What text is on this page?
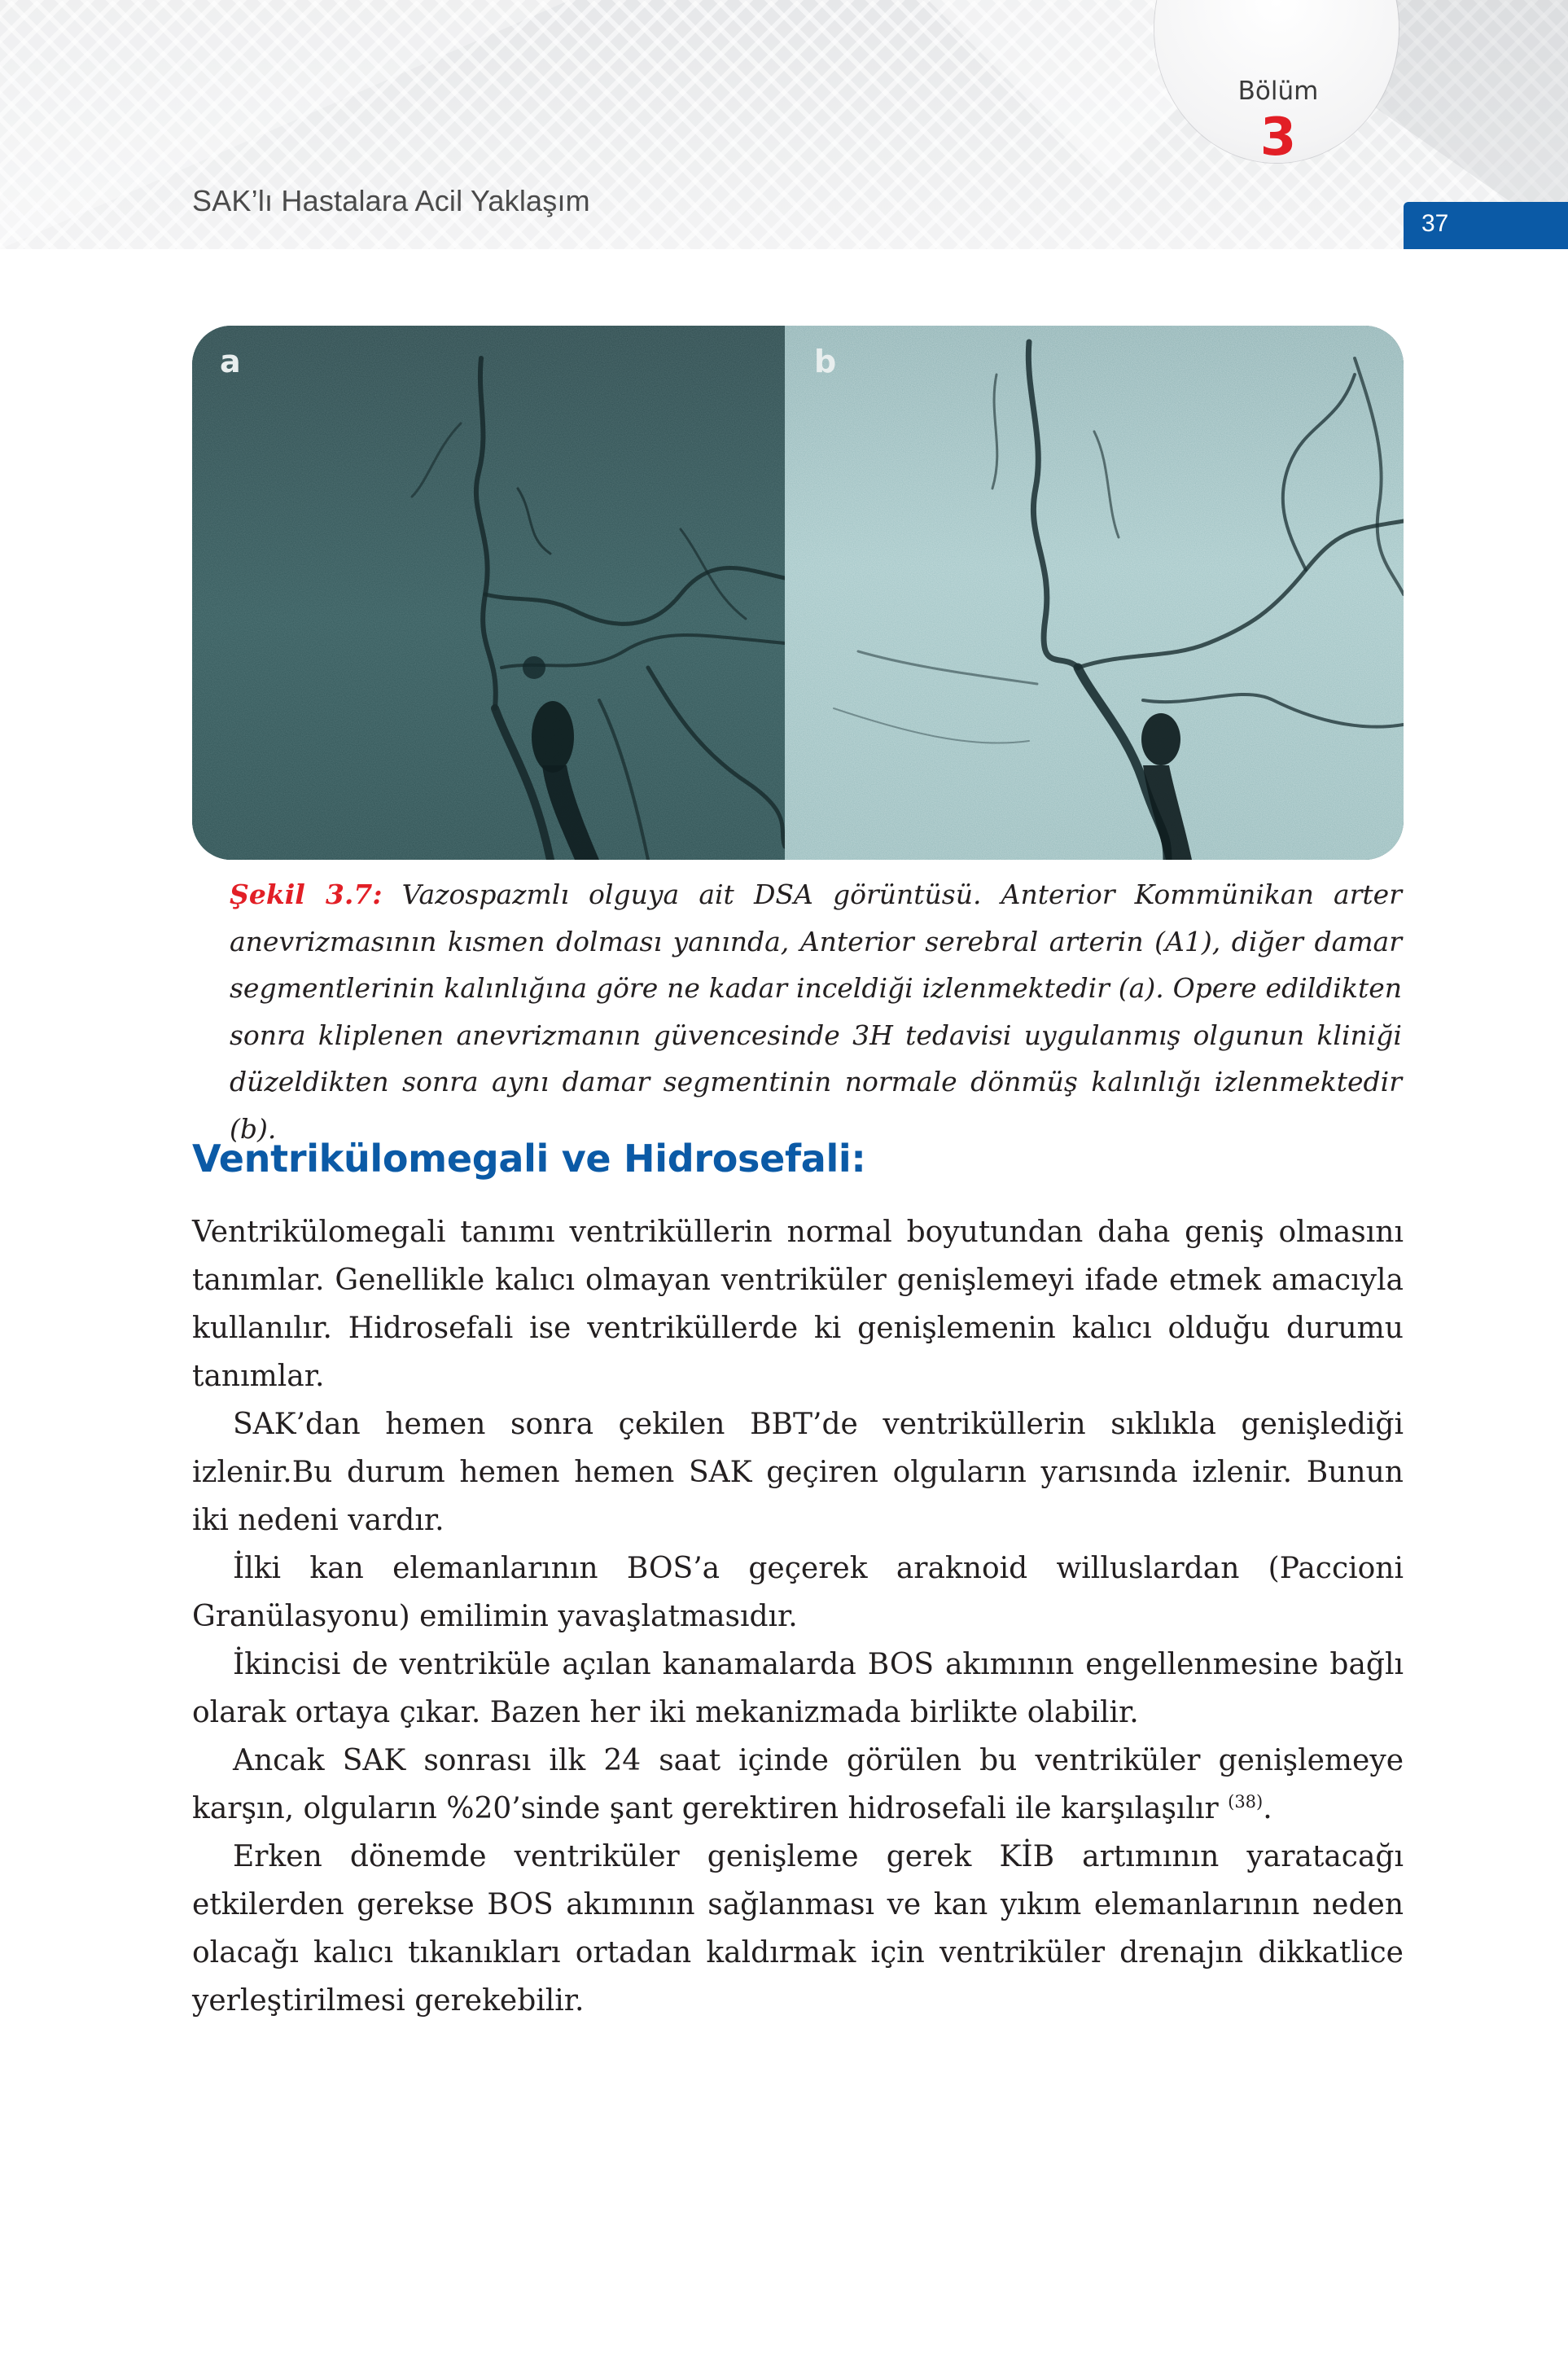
Bölüm
3
SAK’lı Hastalara Acil Yaklaşım
37
a	b
Şekil 3.7: Vazospazmlı olguya ait DSA görüntüsü. Anterior Kommünikan arter anevrizmasının kısmen dolması yanında, Anterior serebral arterin (A1), diğer damar segmentlerinin kalınlığına göre ne kadar inceldiği izlenmektedir (a). Opere edildikten sonra kliplenen anevrizmanın güvencesinde 3H tedavisi uygulanmış olgunun kliniği düzeldikten sonra aynı damar segmentinin normale dönmüş kalınlığı izlenmektedir (b).
Ventrikülomegali ve Hidrosefali:

Ventrikülomegali tanımı ventriküllerin normal boyutundan daha geniş olmasını tanımlar. Genellikle kalıcı olmayan ventriküler genişlemeyi ifade etmek amacıyla kullanılır. Hidrosefali ise ventriküllerde ki genişlemenin kalıcı olduğu durumu tanımlar.

SAK’dan hemen sonra çekilen BBT’de ventriküllerin sıklıkla genişlediği izlenir.Bu durum hemen hemen SAK geçiren olguların yarısında izlenir. Bunun iki nedeni vardır.

İlki kan elemanlarının BOS’a geçerek araknoid willuslardan (Paccioni Granülasyonu) emilimin yavaşlatmasıdır.

İkincisi de ventriküle açılan kanamalarda BOS akımının engellenmesine bağlı olarak ortaya çıkar. Bazen her iki mekanizmada birlikte olabilir.

Ancak SAK sonrası ilk 24 saat içinde görülen bu ventriküler genişlemeye karşın, olguların %20’sinde şant gerektiren hidrosefali ile karşılaşılır $^{(38)}$.

Erken dönemde ventriküler genişleme gerek KİB artımının yaratacağı etkilerden gerekse BOS akımının sağlanması ve kan yıkım elemanlarının neden olacağı kalıcı tıkanıkları ortadan kaldırmak için ventriküler drenajın dikkatlice yerleştirilmesi gerekebilir.
